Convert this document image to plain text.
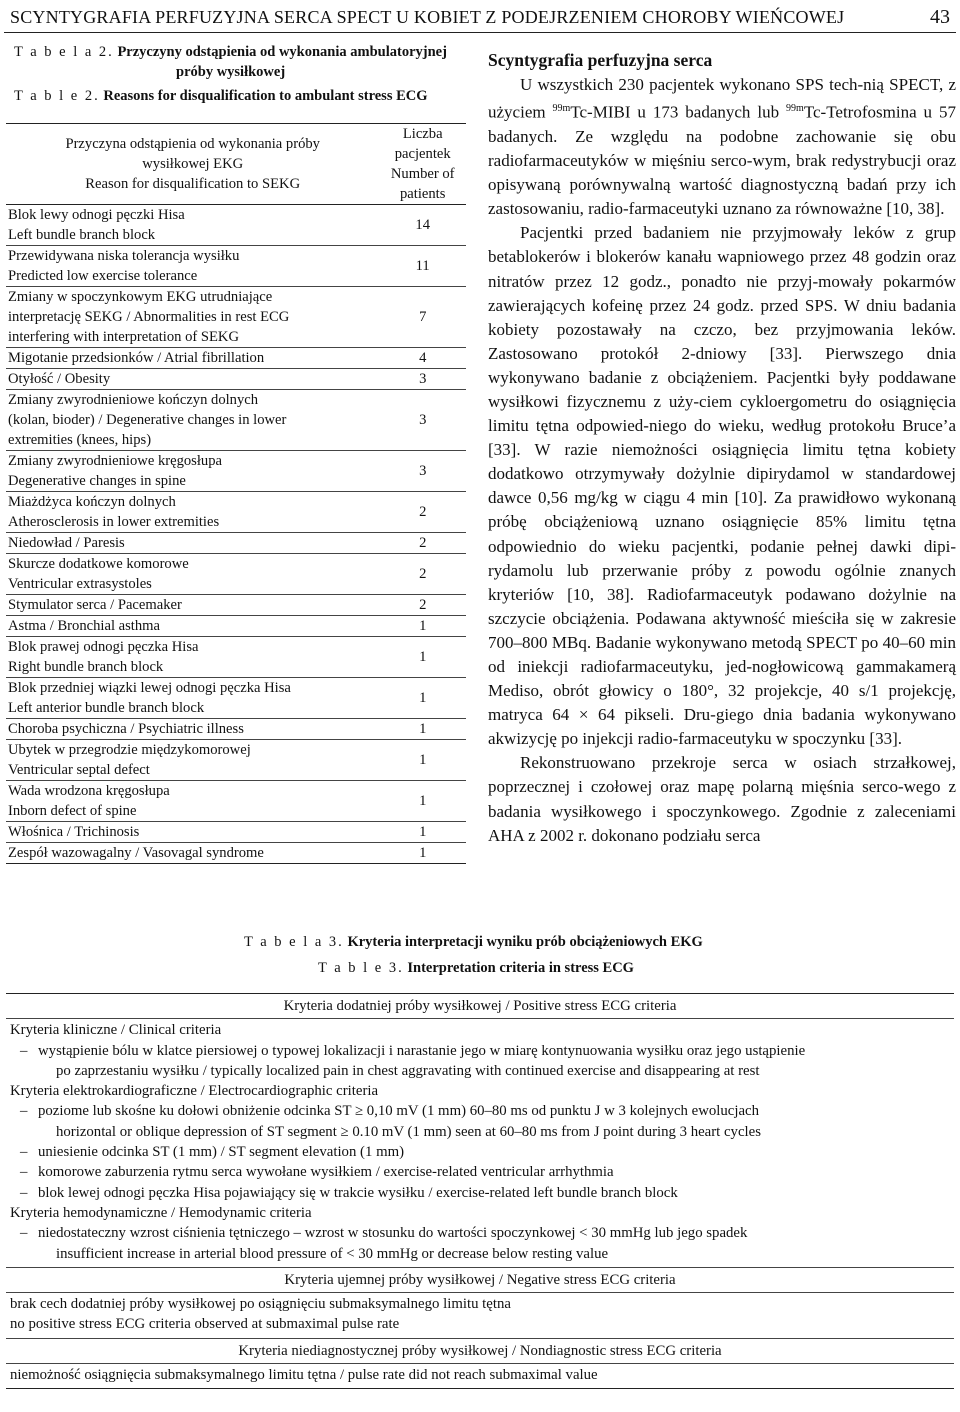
SCYNTYGRAFIA PERFUZYJNA SERCA SPECT U KOBIET Z PODEJRZENIEM CHOROBY WIEŃCOWEJ	43
T a b e l a 2. Przyczyny odstąpienia od wykonania ambulatoryjnej
próby wysiłkowej
T a b l e 2. Reasons for disqualification to ambulant stress ECG
Przyczyna odstąpienia od wykonania próby
wysiłkowej EKG
Reason for disqualification to SEKG	Liczba
pacjentek
Number of
patients

Blok lewy odnogi pęczki Hisa
Left bundle branch block	14

Przewidywana niska tolerancja wysiłku
Predicted low exercise tolerance	11

Zmiany w spoczynkowym EKG utrudniające
interpretację SEKG / Abnormalities in rest ECG
interfering with interpretation of SEKG	7

Migotanie przedsionków / Atrial fibrillation	4

Otyłość / Obesity	3

Zmiany zwyrodnieniowe kończyn dolnych
(kolan, bioder) / Degenerative changes in lower
extremities (knees, hips)	3

Zmiany zwyrodnieniowe kręgosłupa
Degenerative changes in spine	3

Miażdżyca kończyn dolnych
Atherosclerosis in lower extremities	2

Niedowład / Paresis	2

Skurcze dodatkowe komorowe
Ventricular extrasystoles	2

Stymulator serca / Pacemaker	2

Astma / Bronchial asthma	1

Blok prawej odnogi pęczka Hisa
Right bundle branch block	1

Blok przedniej wiązki lewej odnogi pęczka Hisa
Left anterior bundle branch block	1

Choroba psychiczna / Psychiatric illness	1

Ubytek w przegrodzie międzykomorowej
Ventricular septal defect	1

Wada wrodzona kręgosłupa
Inborn defect of spine	1

Włośnica / Trichinosis	1

Zespół wazowagalny / Vasovagal syndrome	1
Scyntygrafia perfuzyjna serca

U wszystkich 230 pacjentek wykonano SPS tech-nią SPECT, z użyciem $^{99m}$Tc-MIBI u 173 badanych lub $^{99m}$Tc-Tetrofosmina u 57 badanych. Ze względu na podobne zachowanie się obu radiofarmaceutyków w mięśniu serco-wym, brak redystrybucji oraz opisywaną porównywalną wartość diagnostyczną badań przy ich zastosowaniu, radio-farmaceutyki uznano za równoważne [10, 38].

Pacjentki przed badaniem nie przyjmowały leków z grup betablokerów i blokerów kanału wapniowego przez 48 godzin oraz nitratów przez 12 godz., ponadto nie przyj-mowały pokarmów zawierających kofeinę przez 24 godz. przed SPS. W dniu badania kobiety pozostawały na czczo, bez przyjmowania leków. Zastosowano protokół 2-dniowy [33]. Pierwszego dnia wykonywano badanie z obciążeniem. Pacjentki były poddawane wysiłkowi fizycznemu z uży-ciem cykloergometru do osiągnięcia limitu tętna odpowied-niego do wieku, według protokołu Bruce’a [33]. W razie niemożności osiągnięcia limitu tętna kobiety dodatkowo otrzymywały dożylnie dipirydamol w standardowej dawce 0,56 mg/kg w ciągu 4 min [10]. Za prawidłowo wykonaną próbę obciążeniową uznano osiągnięcie 85% limitu tętna odpowiednio do wieku pacjentki, podanie pełnej dawki dipi-rydamolu lub przerwanie próby z powodu ogólnie znanych kryteriów [10, 38]. Radiofarmaceutyk podawano dożylnie na szczycie obciążenia. Podawana aktywność mieściła się w zakresie 700–800 MBq. Badanie wykonywano metodą SPECT po 40–60 min od iniekcji radiofarmaceutyku, jed-nogłowicową gammakamerą Mediso, obrót głowicy o 180°, 32 projekcje, 40 s/1 projekcję, matryca 64 × 64 pikseli. Dru-giego dnia badania wykonywano akwizycję po injekcji radio-farmaceutyku w spoczynku [33].

Rekonstruowano przekroje serca w osiach strzałkowej, poprzecznej i czołowej oraz mapę polarną mięśnia serco-wego z badania wysiłkowego i spoczynkowego. Zgodnie z zaleceniami AHA z 2002 r. dokonano podziału serca

T a b e l a 3. Kryteria interpretacji wyniku prób obciążeniowych EKG
T a b l e 3. Interpretation criteria in stress ECG
Kryteria dodatniej próby wysiłkowej / Positive stress ECG criteria
Kryteria kliniczne / Clinical criteria
– wystąpienie bólu w klatce piersiowej o typowej lokalizacji i narastanie jego w miarę kontynuowania wysiłku oraz jego ustąpienie
po zaprzestaniu wysiłku / typically localized pain in chest aggravating with continued exercise and disappearing at rest
Kryteria elektrokardiograficzne / Electrocardiographic criteria
– poziome lub skośne ku dołowi obniżenie odcinka ST ≥ 0,10 mV (1 mm) 60–80 ms od punktu J w 3 kolejnych ewolucjach
horizontal or oblique depression of ST segment ≥ 0.10 mV (1 mm) seen at 60–80 ms from J point during 3 heart cycles
– uniesienie odcinka ST (1 mm) / ST segment elevation (1 mm)
– komorowe zaburzenia rytmu serca wywołane wysiłkiem / exercise-related ventricular arrhythmia
– blok lewej odnogi pęczka Hisa pojawiający się w trakcie wysiłku / exercise-related left bundle branch block
Kryteria hemodynamiczne / Hemodynamic criteria
– niedostateczny wzrost ciśnienia tętniczego – wzrost w stosunku do wartości spoczynkowej < 30 mmHg lub jego spadek
insufficient increase in arterial blood pressure of < 30 mmHg or decrease below resting value
Kryteria ujemnej próby wysiłkowej / Negative stress ECG criteria
brak cech dodatniej próby wysiłkowej po osiągnięciu submaksymalnego limitu tętna
no positive stress ECG criteria observed at submaximal pulse rate
Kryteria niediagnostycznej próby wysiłkowej / Nondiagnostic stress ECG criteria
niemożność osiągnięcia submaksymalnego limitu tętna / pulse rate did not reach submaximal value
